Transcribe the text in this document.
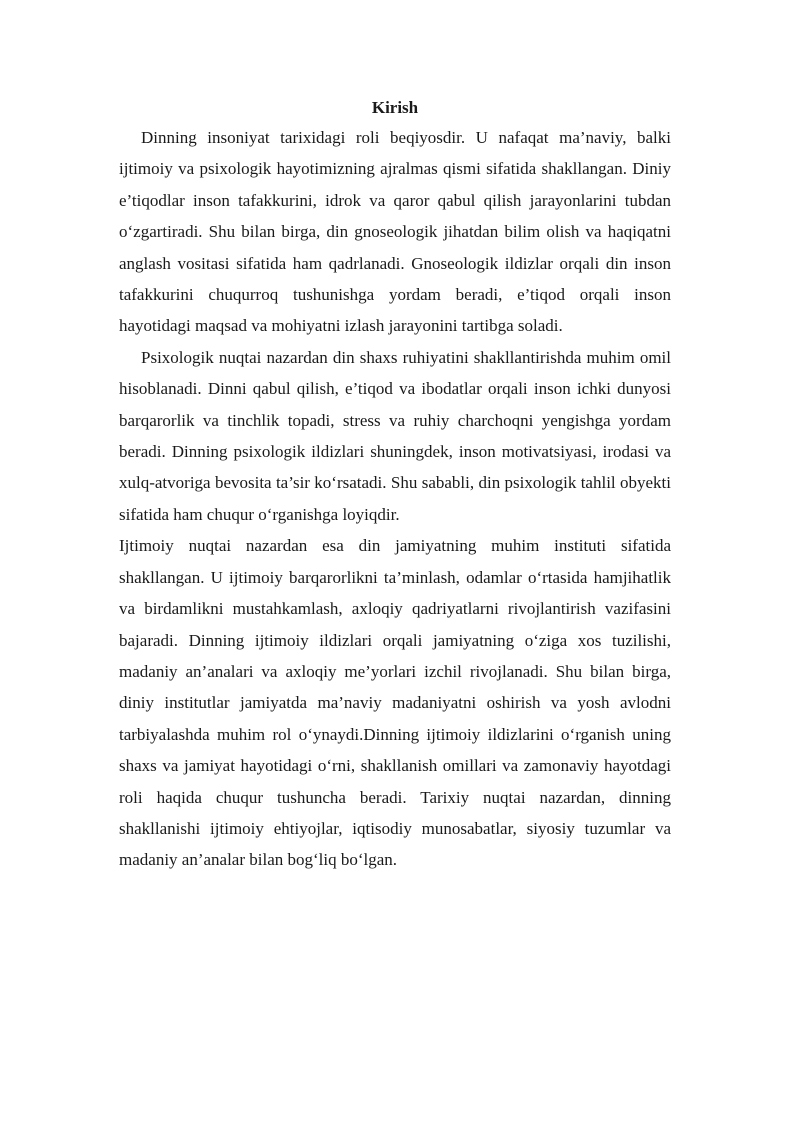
Kirish

Dinning insoniyat tarixidagi roli beqiyosdir. U nafaqat ma’naviy, balki ijtimoiy va psixologik hayotimizning ajralmas qismi sifatida shakllangan. Diniy e’tiqodlar inson tafakkurini, idrok va qaror qabul qilish jarayonlarini tubdan o‘zgartiradi. Shu bilan birga, din gnoseologik jihatdan bilim olish va haqiqatni anglash vositasi sifatida ham qadrlanadi. Gnoseologik ildizlar orqali din inson tafakkurini chuqurroq tushunishga yordam beradi, e’tiqod orqali inson hayotidagi maqsad va mohiyatni izlash jarayonini tartibga soladi.

Psixologik nuqtai nazardan din shaxs ruhiyatini shakllantirishda muhim omil hisoblanadi. Dinni qabul qilish, e’tiqod va ibodatlar orqali inson ichki dunyosi barqarorlik va tinchlik topadi, stress va ruhiy charchoqni yengishga yordam beradi. Dinning psixologik ildizlari shuningdek, inson motivatsiyasi, irodasi va xulq-atvoriga bevosita ta’sir ko‘rsatadi. Shu sababli, din psixologik tahlil obyekti sifatida ham chuqur o‘rganishga loyiqdir.

Ijtimoiy nuqtai nazardan esa din jamiyatning muhim instituti sifatida shakllangan. U ijtimoiy barqarorlikni ta’minlash, odamlar o‘rtasida hamjihatlik va birdamlikni mustahkamlash, axloqiy qadriyatlarni rivojlantirish vazifasini bajaradi. Dinning ijtimoiy ildizlari orqali jamiyatning o‘ziga xos tuzilishi, madaniy an’analari va axloqiy me’yorlari izchil rivojlanadi. Shu bilan birga, diniy institutlar jamiyatda ma’naviy madaniyatni oshirish va yosh avlodni tarbiyalashda muhim rol o‘ynaydi.Dinning ijtimoiy ildizlarini o‘rganish uning shaxs va jamiyat hayotidagi o‘rni, shakllanish omillari va zamonaviy hayotdagi roli haqida chuqur tushuncha beradi. Tarixiy nuqtai nazardan, dinning shakllanishi ijtimoiy ehtiyojlar, iqtisodiy munosabatlar, siyosiy tuzumlar va madaniy an’analar bilan bog‘liq bo‘lgan.
